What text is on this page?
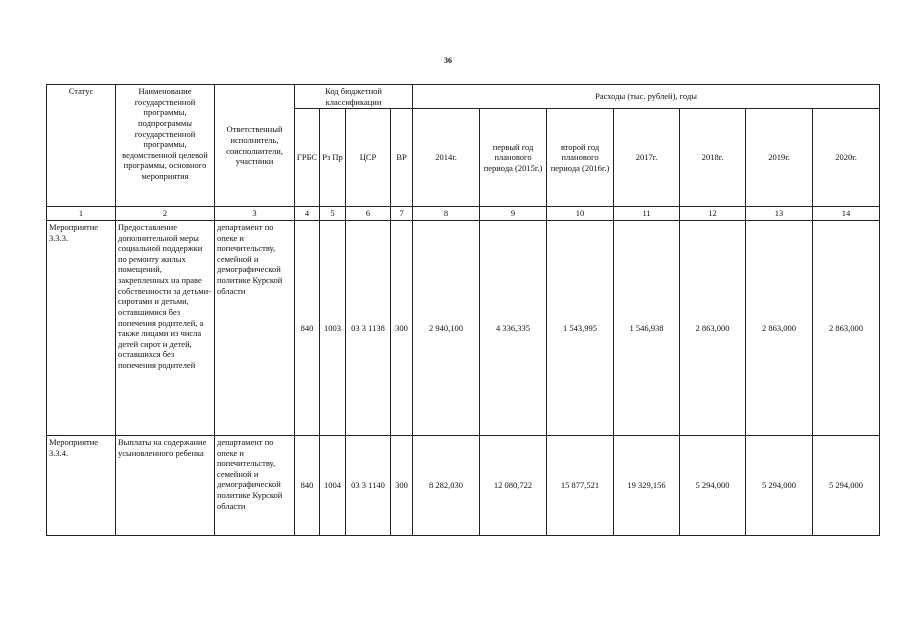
36
Статус	Наименование государственной программы, подпрограммы государственной программы, ведомственной целевой программы, основного мероприятия	Ответственный исполнитель, соисполнители, участники	Код бюджетной классификации				Расходы (тыс. рублей), годы						
			ГРБС	Рз Пр	ЦСР	ВР	2014г.	первый год планового периода (2015г.)	второй год планового периода (2016г.)	2017г.	2018г.	2019г.	2020г.
1	2	3	4	5	6	7	8	9	10	11	12	13	14
Мероприятие 3.3.3.	Предоставление дополнительной меры социальной поддержки по ремонту жилых помещений, закрепленных на праве собственности за детьми-сиротами и детьми, оставшимися без попечения родителей, а также лицами из числа детей сирот и детей, оставшихся без попечения родителей	департамент по опеке и попечительству, семейной и демографической политике Курской области	840	1003	03 3 1138	300	2 940,100	4 336,335	1 543,995	1 546,938	2 863,000	2 863,000	2 863,000
Мероприятие 3.3.4.	Выплаты на содержание усыновленного ребенка	департамент по опеке и попечительству, семейной и демографической политике Курской области	840	1004	03 3 1140	300	8 282,030	12 080,722	15 877,521	19 329,156	5 294,000	5 294,000	5 294,000
